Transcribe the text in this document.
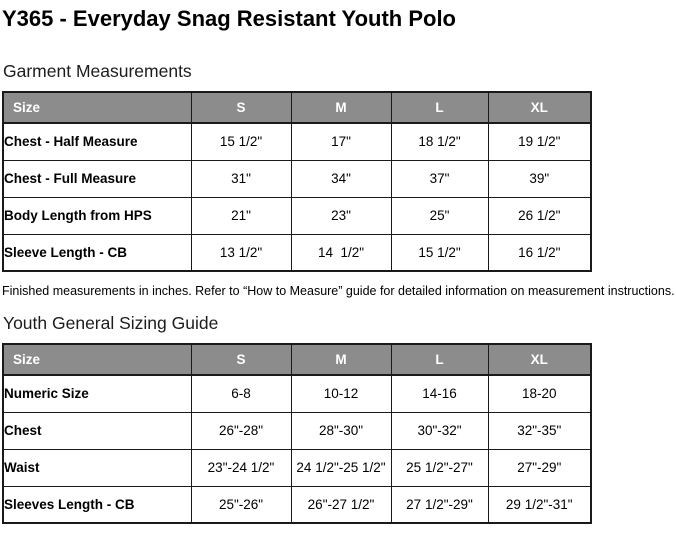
Y365 - Everyday Snag Resistant Youth Polo
Garment Measurements
Size	S	M	L	XL
Chest - Half Measure	15 1/2"	17"	18 1/2"	19 1/2"
Chest - Full Measure	31"	34"	37"	39"
Body Length from HPS	21"	23"	25"	26 1/2"
Sleeve Length - CB	13 1/2"	14  1/2"	15 1/2"	16 1/2"

Finished measurements in inches. Refer to “How to Measure” guide for detailed information on measurement instructions.

Youth General Sizing Guide
Size	S	M	L	XL
Numeric Size	6-8	10-12	14-16	18-20
Chest	26"-28"	28"-30"	30"-32"	32"-35"
Waist	23"-24 1/2"	24 1/2"-25 1/2"	25 1/2"-27"	27"-29"
Sleeves Length - CB	25"-26"	26"-27 1/2"	27 1/2"-29"	29 1/2"-31"
